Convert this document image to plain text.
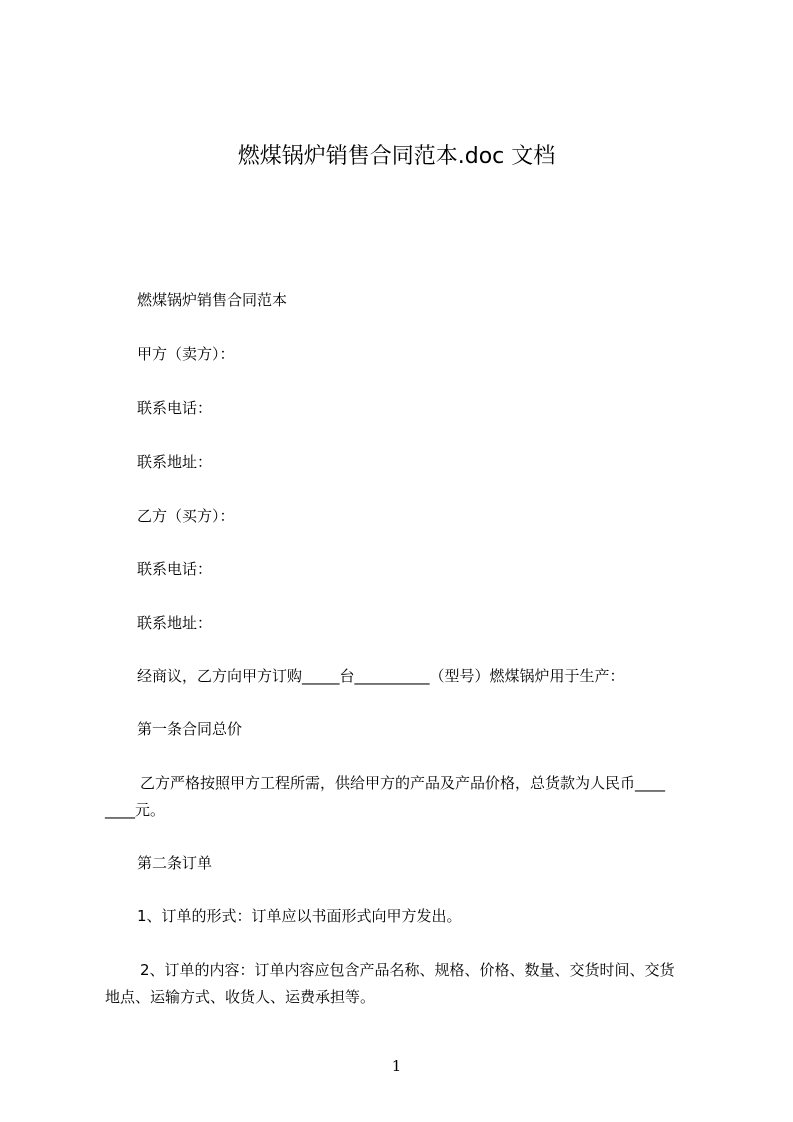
燃煤锅炉销售合同范本.doc 文档
燃煤锅炉销售合同范本
甲方（卖方）：
联系电话：
联系地址：
乙方（买方）：
联系电话：
联系地址：
经商议，乙方向甲方订购_____台__________（型号）燃煤锅炉用于生产：
第一条合同总价
乙方严格按照甲方工程所需，供给甲方的产品及产品价格，总货款为人民币____
____元。
第二条订单
1、订单的形式：订单应以书面形式向甲方发出。
2、订单的内容：订单内容应包含产品名称、规格、价格、数量、交货时间、交货
地点、运输方式、收货人、运费承担等。
1
